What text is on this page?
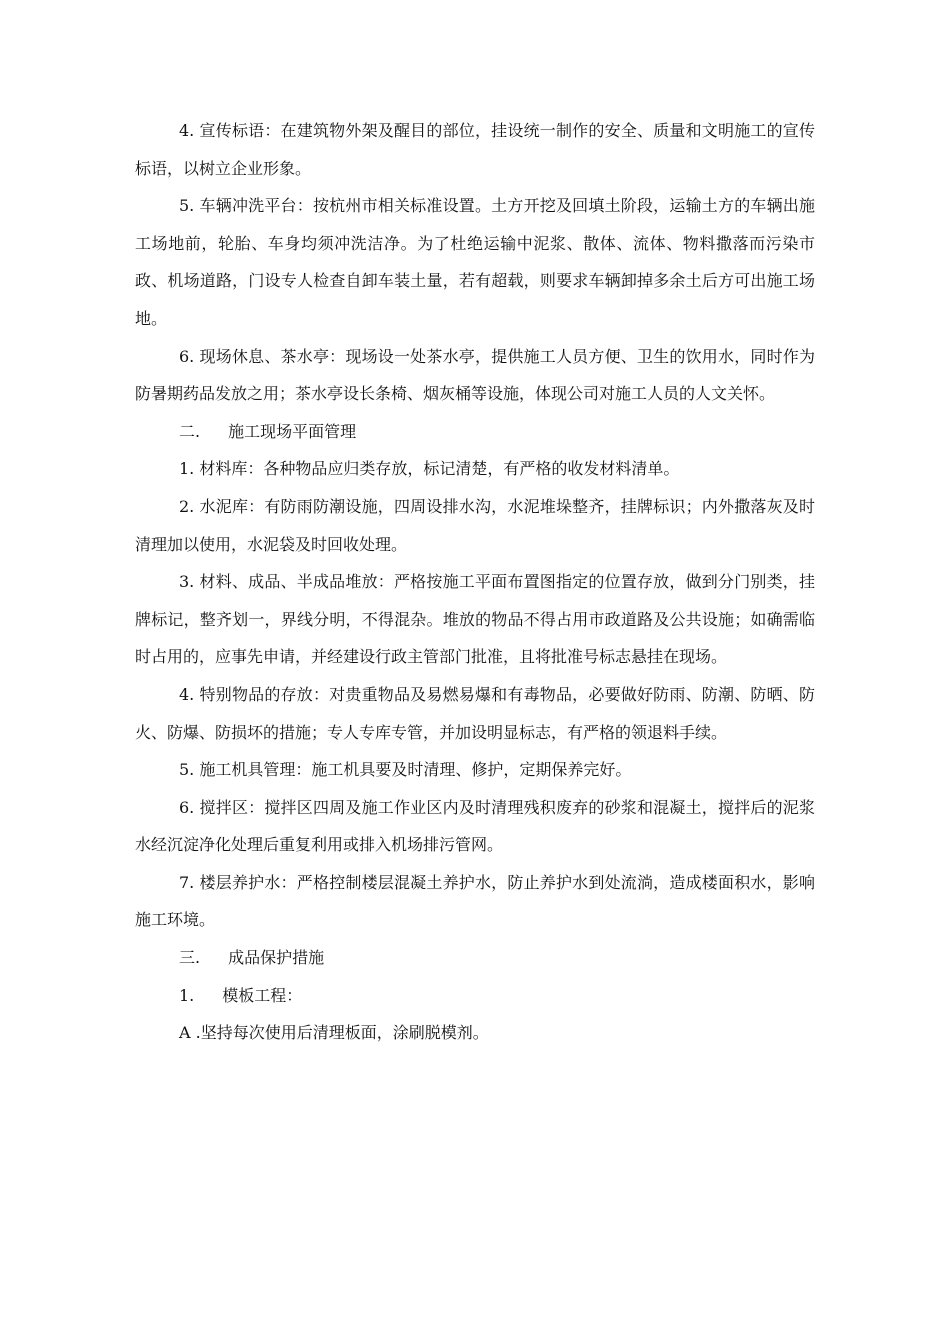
4. 宣传标语：在建筑物外架及醒目的部位，挂设统一制作的安全、质量和文明施工的宣传标语，以树立企业形象。

5. 车辆冲洗平台：按杭州市相关标准设置。土方开挖及回填土阶段，运输土方的车辆出施工场地前，轮胎、车身均须冲洗洁净。为了杜绝运输中泥浆、散体、流体、物料撒落而污染市政、机场道路，门设专人检查自卸车装土量，若有超载，则要求车辆卸掉多余土后方可出施工场地。

6. 现场休息、茶水亭：现场设一处茶水亭，提供施工人员方便、卫生的饮用水，同时作为防暑期药品发放之用；茶水亭设长条椅、烟灰桶等设施，体现公司对施工人员的人文关怀。

二. 施工现场平面管理

1. 材料库：各种物品应归类存放，标记清楚，有严格的收发材料清单。

2. 水泥库：有防雨防潮设施，四周设排水沟，水泥堆垛整齐，挂牌标识；内外撒落灰及时清理加以使用，水泥袋及时回收处理。

3. 材料、成品、半成品堆放：严格按施工平面布置图指定的位置存放，做到分门别类，挂牌标记，整齐划一，界线分明，不得混杂。堆放的物品不得占用市政道路及公共设施；如确需临时占用的，应事先申请，并经建设行政主管部门批准，且将批准号标志悬挂在现场。

4. 特别物品的存放：对贵重物品及易燃易爆和有毒物品，必要做好防雨、防潮、防晒、防火、防爆、防损坏的措施；专人专库专管，并加设明显标志，有严格的领退料手续。

5. 施工机具管理：施工机具要及时清理、修护，定期保养完好。

6. 搅拌区：搅拌区四周及施工作业区内及时清理残积废弃的砂浆和混凝土，搅拌后的泥浆水经沉淀净化处理后重复利用或排入机场排污管网。

7. 楼层养护水：严格控制楼层混凝土养护水，防止养护水到处流淌，造成楼面积水，影响施工环境。

三. 成品保护措施

1. 模板工程：

A .坚持每次使用后清理板面，涂刷脱模剂。
